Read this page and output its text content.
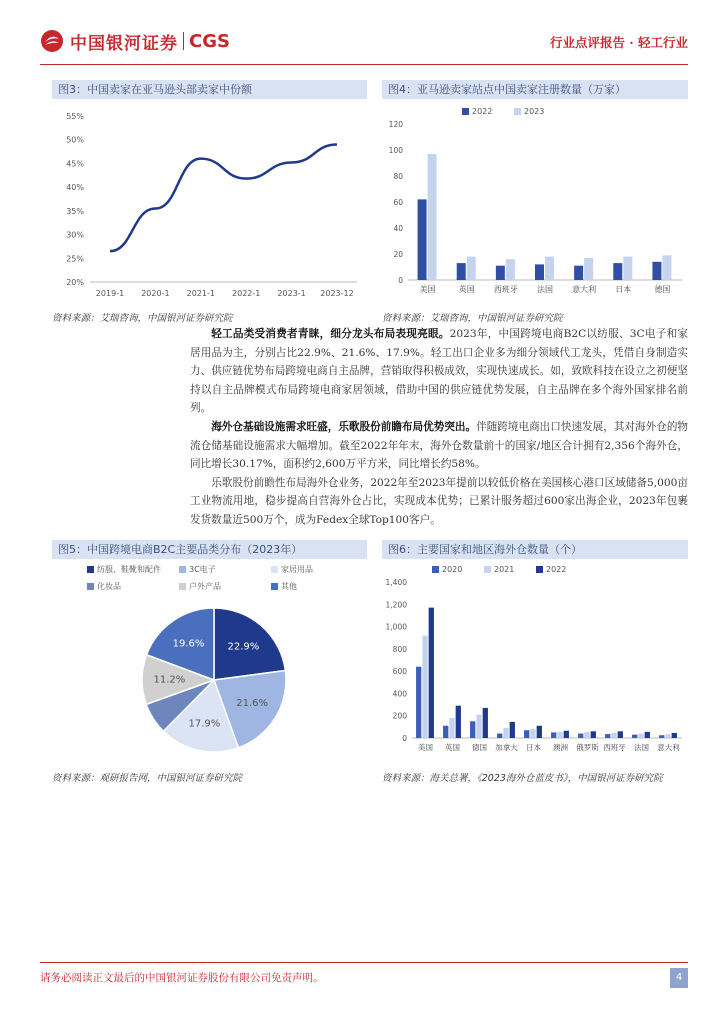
中国银河证券 CGS	行业点评报告 · 轻工行业
图3：中国卖家在亚马逊头部卖家中份额
55%
50%
45%
40%
35%
30%
25%
20%
2019-1 2020-1 2021-1 2022-1 2023-1 2023-12
资料来源：艾瑞咨询，中国银河证券研究院
图4：亚马逊卖家站点中国卖家注册数量（万家）
120
100
80
60
40
20
0
2022	2023
美国	英国 西班牙 法国 意大利 日本	德国
资料来源：艾瑞咨询，中国银河证券研究院

轻工品类受消费者青睐，细分龙头布局表现亮眼。2023年，中国跨境电商B2C以纺服、3C电子和家居用品为主，分别占比22.9%、21.6%、17.9%。轻工出口企业多为细分领域代工龙头，凭借自身制造实力、供应链优势布局跨境电商自主品牌，营销取得积极成效，实现快速成长。如，致欧科技在设立之初便坚持以自主品牌模式布局跨境电商家居领域，借助中国的供应链优势发展，自主品牌在多个海外国家排名前列。

海外仓基础设施需求旺盛，乐歌股份前瞻布局优势突出。伴随跨境电商出口快速发展，其对海外仓的物流仓储基础设施需求大幅增加。截至2022年年末，海外仓数量前十的国家/地区合计拥有2,356个海外仓，同比增长30.17%，面积约2,600万平方米，同比增长约58%。

乐歌股份前瞻性布局海外仓业务，2022年至2023年提前以较低价格在美国核心港口区域储备5,000亩工业物流用地，稳步提高自营海外仓占比，实现成本优势；已累计服务超过600家出海企业，2023年包裹发货数量近500万个，成为Fedex全球Top100客户。

图5：中国跨境电商B2C主要品类分布（2023年）
纺服、鞋靴和配件	3C电子	家居用品
化妆品	户外产品	其他
22.9%
21.6%
17.9%
11.2%
19.6%
资料来源：观研报告网，中国银河证券研究院
图6：主要国家和地区海外仓数量（个）
1,400
1,200
1,000
800
600
400
200
0
2020	2021	2022
美国 英国 德国 加拿大 日本 澳洲 俄罗斯 西班牙 法国 意大利
资料来源：海关总署，《2023海外仓蓝皮书》，中国银河证券研究院
请务必阅读正文最后的中国银河证券股份有限公司免责声明。	4
